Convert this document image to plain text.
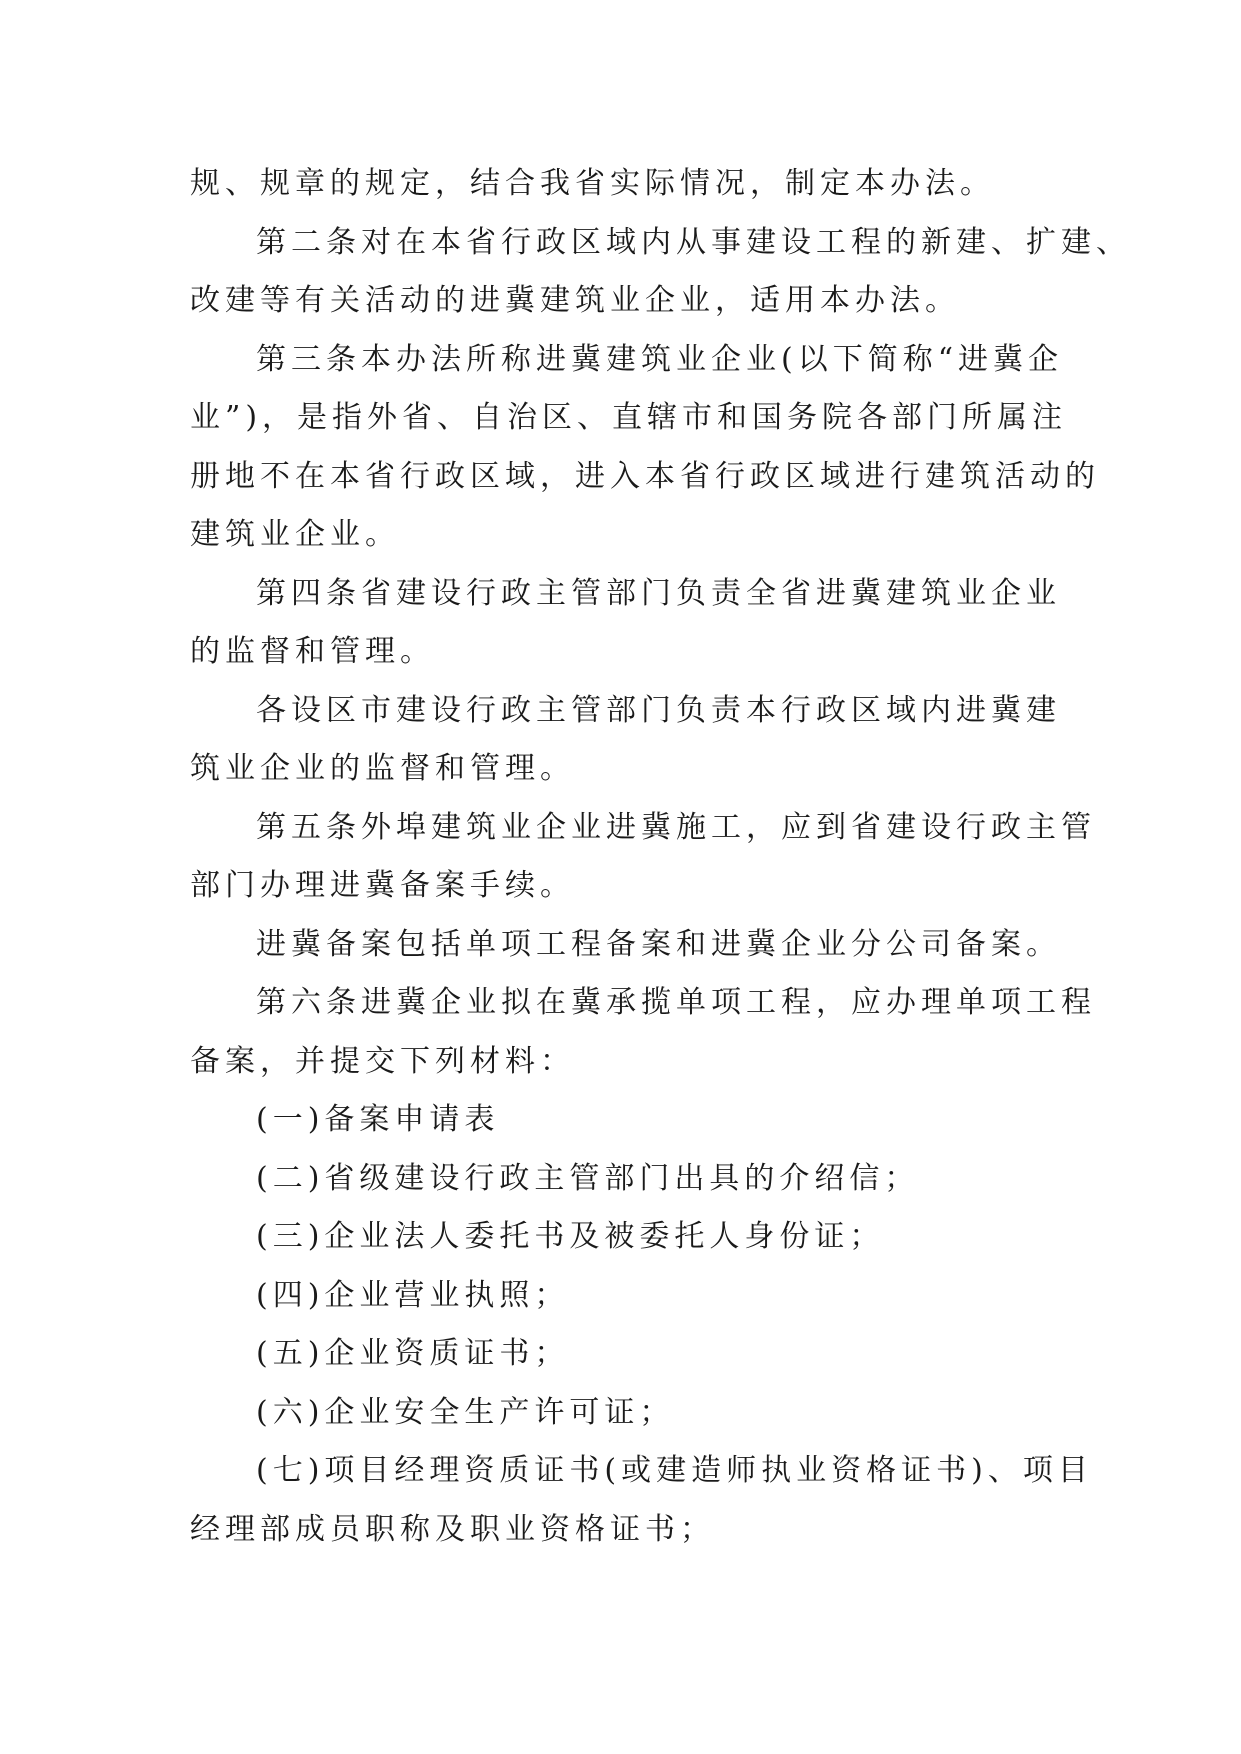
规、规章的规定，结合我省实际情况，制定本办法。
第二条对在本省行政区域内从事建设工程的新建、扩建、
改建等有关活动的进冀建筑业企业，适用本办法。
第三条本办法所称进冀建筑业企业(以下简称“进冀企
业”)，是指外省、自治区、直辖市和国务院各部门所属注
册地不在本省行政区域，进入本省行政区域进行建筑活动的
建筑业企业。
第四条省建设行政主管部门负责全省进冀建筑业企业
的监督和管理。
各设区市建设行政主管部门负责本行政区域内进冀建
筑业企业的监督和管理。
第五条外埠建筑业企业进冀施工，应到省建设行政主管
部门办理进冀备案手续。
进冀备案包括单项工程备案和进冀企业分公司备案。
第六条进冀企业拟在冀承揽单项工程，应办理单项工程
备案，并提交下列材料：
(一)备案申请表
(二)省级建设行政主管部门出具的介绍信；
(三)企业法人委托书及被委托人身份证；
(四)企业营业执照；
(五)企业资质证书；
(六)企业安全生产许可证；
(七)项目经理资质证书(或建造师执业资格证书)、项目
经理部成员职称及职业资格证书；
